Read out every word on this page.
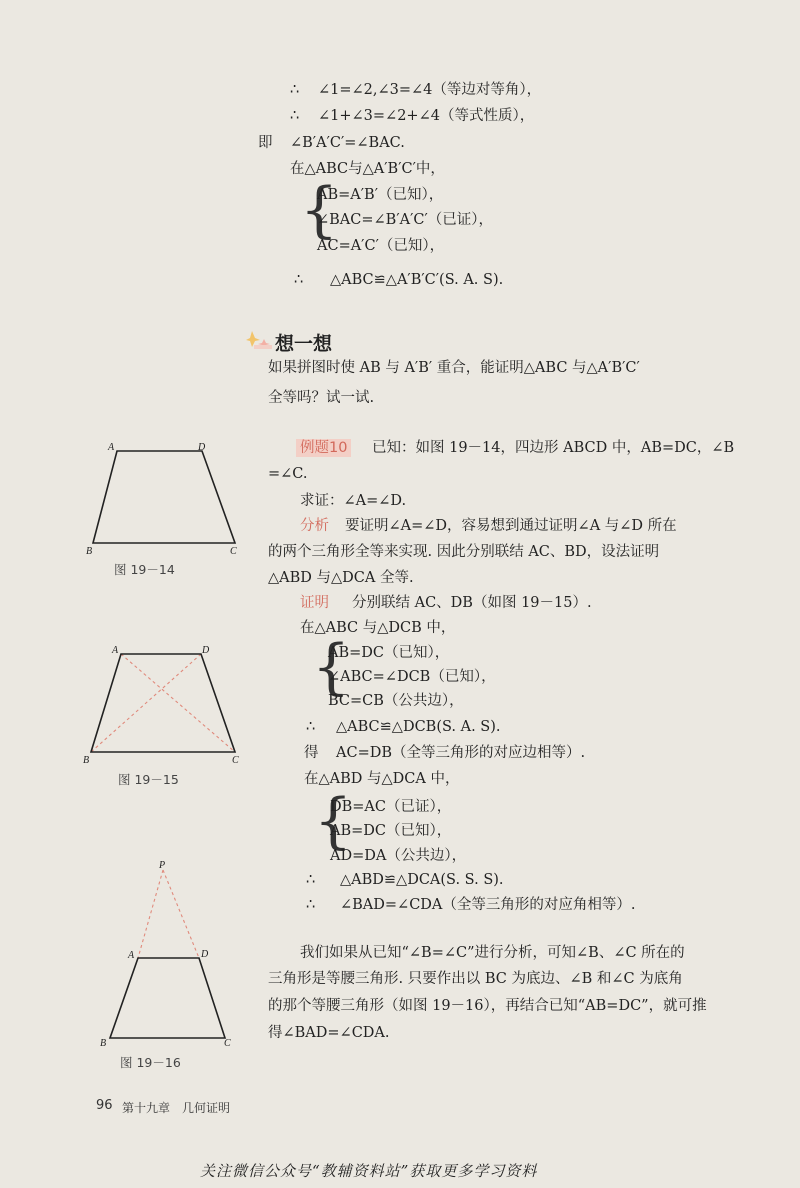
∴ ∠1=∠2,∠3=∠4（等边对等角），
∴ ∠1+∠3=∠2+∠4（等式性质），
即 ∠B′A′C′=∠BAC.
在△ABC与△A′B′C′中，
{
AB=A′B′（已知），
∠BAC=∠B′A′C′（已证），
AC=A′C′（已知），
∴ △ABC≌△A′B′C′(S. A. S).
想一想
如果拼图时使 AB 与 A′B′ 重合，能证明△ABC 与△A′B′C′
全等吗？试一试.
例题10 已知：如图 19－14，四边形 ABCD 中，AB=DC，∠B
=∠C.
求证：∠A=∠D.
分析 要证明∠A=∠D，容易想到通过证明∠A 与∠D 所在
的两个三角形全等来实现. 因此分别联结 AC、BD，设法证明
△ABD 与△DCA 全等.
证明 分别联结 AC、DB（如图 19－15）.
在△ABC 与△DCB 中，
{
AB=DC（已知），
∠ABC=∠DCB（已知），
BC=CB（公共边），
∴ △ABC≌△DCB(S. A. S).
得 AC=DB（全等三角形的对应边相等）.
在△ABD 与△DCA 中，
{
DB=AC（已证），
AB=DC（已知），
AD=DA（公共边），
∴ △ABD≌△DCA(S. S. S).
∴ ∠BAD=∠CDA（全等三角形的对应角相等）.
我们如果从已知“∠B=∠C”进行分析，可知∠B、∠C 所在的
三角形是等腰三角形. 只要作出以 BC 为底边、∠B 和∠C 为底角
的那个等腰三角形（如图 19－16），再结合已知“AB=DC”，就可推
得∠BAD=∠CDA.
A	D
B	C
图 19－14
A	D
B	C
图 19－15
P
A	D
B	C
图 19－16
96 第十九章　几何证明
关注微信公众号“教辅资料站”获取更多学习资料
